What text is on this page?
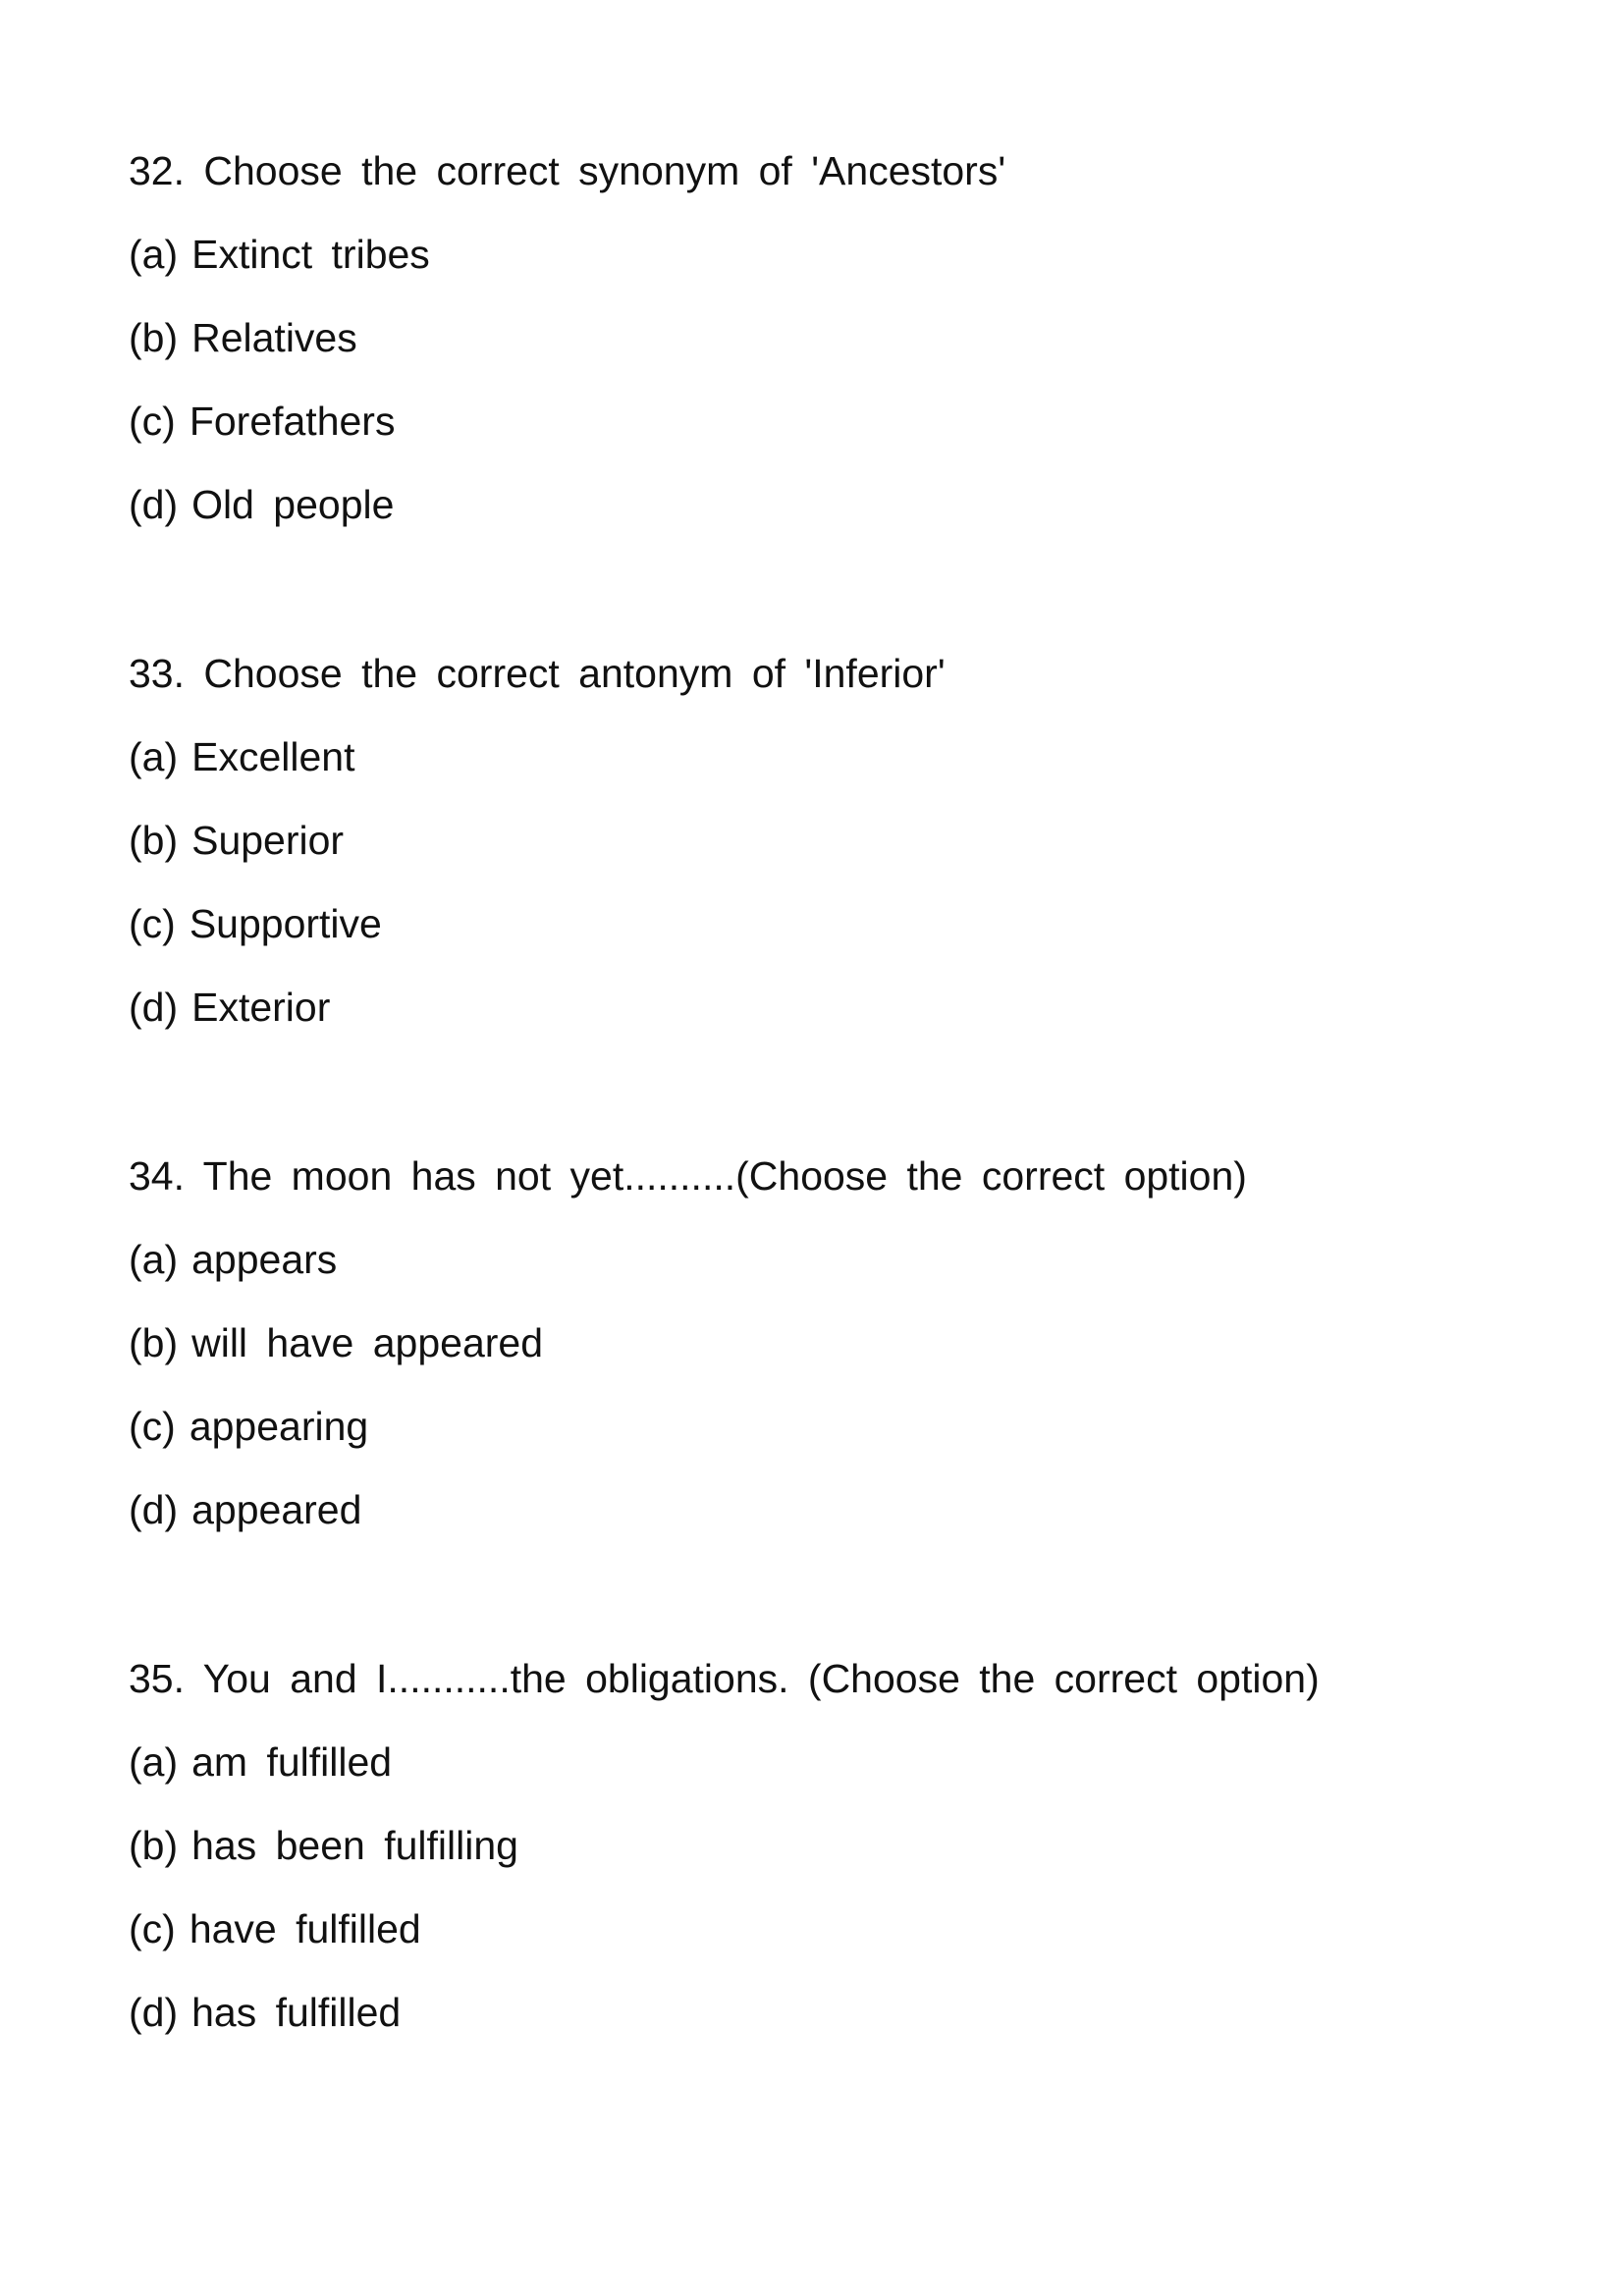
32. Choose the correct synonym of 'Ancestors'
(a) Extinct tribes
(b) Relatives
(c) Forefathers
(d) Old people
33. Choose the correct antonym of 'Inferior'
(a) Excellent
(b) Superior
(c) Supportive
(d) Exterior
34. The moon has not yet..........(Choose the correct option)
(a) appears
(b) will have appeared
(c) appearing
(d) appeared
35. You and I...........the obligations. (Choose the correct option)
(a) am fulfilled
(b) has been fulfilling
(c) have fulfilled
(d) has fulfilled
